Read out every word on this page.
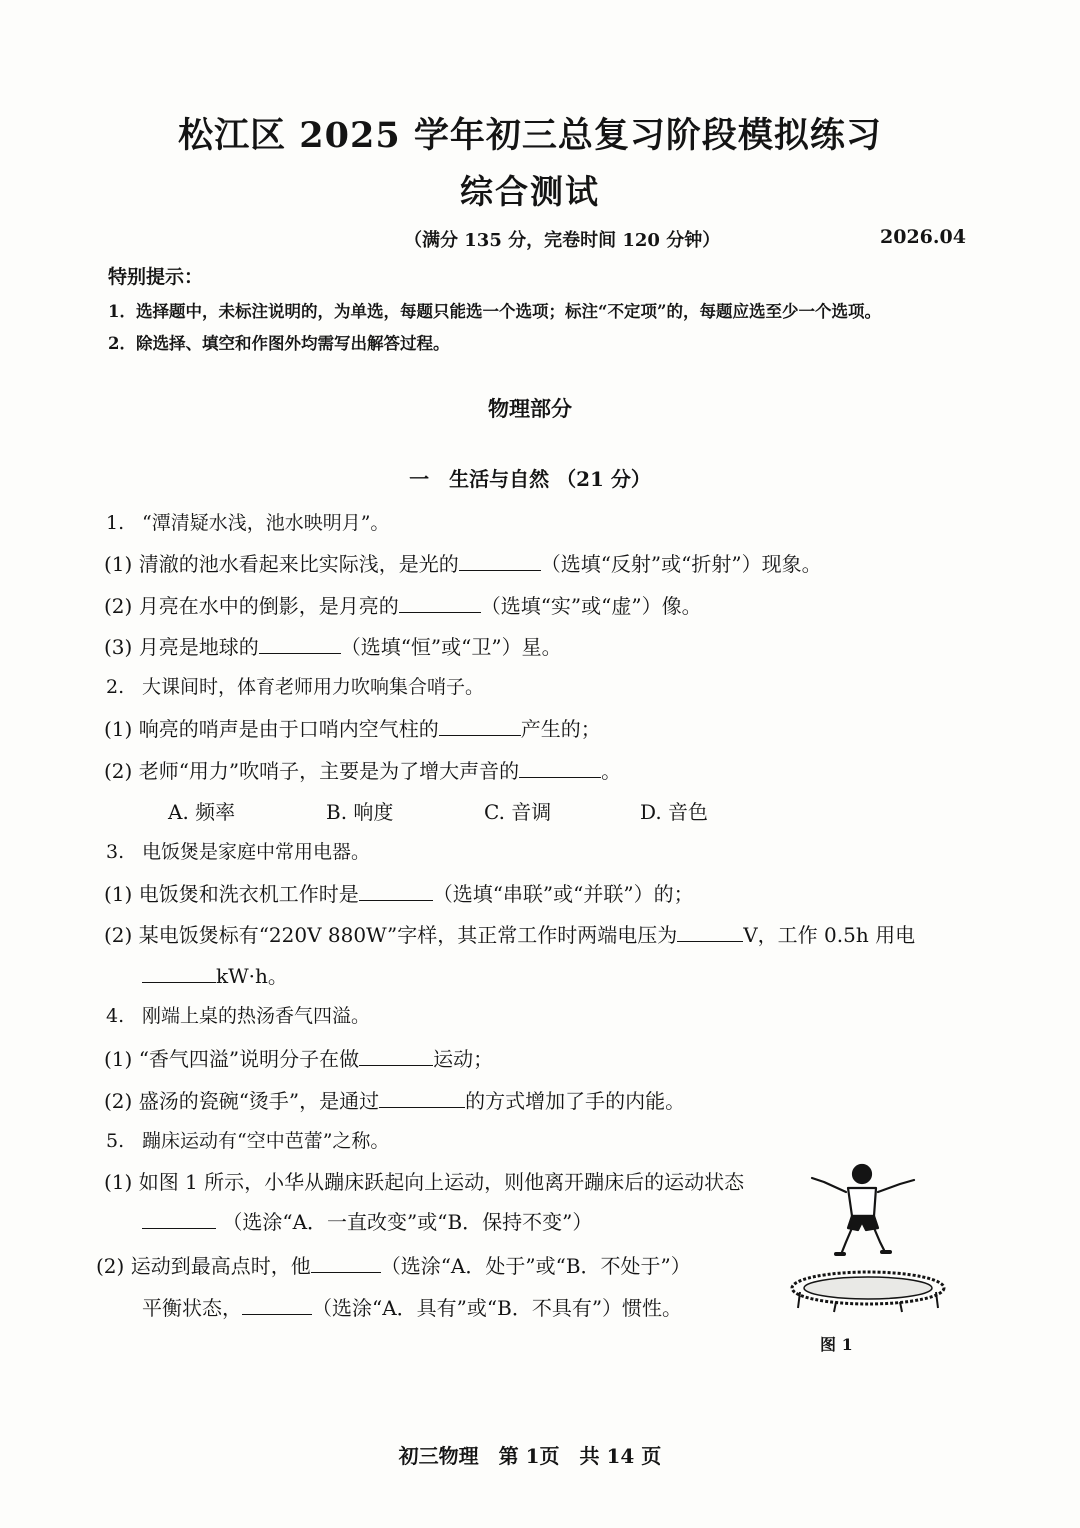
松江区 2025 学年初三总复习阶段模拟练习
综合测试
（满分 135 分，完卷时间 120 分钟）	2026.04
特别提示：
1．选择题中，未标注说明的，为单选，每题只能选一个选项；标注“不定项”的，每题应选至少一个选项。
2．除选择、填空和作图外均需写出解答过程。
物理部分
一　生活与自然 （21 分）
1. “潭清疑水浅，池水映明月”。
(1) 清澈的池水看起来比实际浅，是光的	（选填“反射”或“折射”）现象。
(2) 月亮在水中的倒影，是月亮的	（选填“实”或“虚”）像。
(3) 月亮是地球的	（选填“恒”或“卫”）星。
2. 大课间时，体育老师用力吹响集合哨子。
(1) 响亮的哨声是由于口哨内空气柱的	产生的；
(2) 老师“用力”吹哨子，主要是为了增大声音的	。
A. 频率	B. 响度	C. 音调	D. 音色
3. 电饭煲是家庭中常用电器。
(1) 电饭煲和洗衣机工作时是	（选填“串联”或“并联”）的；
(2) 某电饭煲标有“220V 880W”字样，其正常工作时两端电压为	V，工作 0.5h 用电
kW·h。
4. 刚端上桌的热汤香气四溢。
(1) “香气四溢”说明分子在做	运动；
(2) 盛汤的瓷碗“烫手”，是通过	的方式增加了手的内能。
5. 蹦床运动有“空中芭蕾”之称。
(1) 如图 1 所示，小华从蹦床跃起向上运动，则他离开蹦床后的运动状态
（选涂“A．一直改变”或“B．保持不变”）
(2) 运动到最高点时，他	（选涂“A．处于”或“B．不处于”）
平衡状态，	（选涂“A．具有”或“B．不具有”）惯性。
图 1
初三物理　第 1页　共 14 页
